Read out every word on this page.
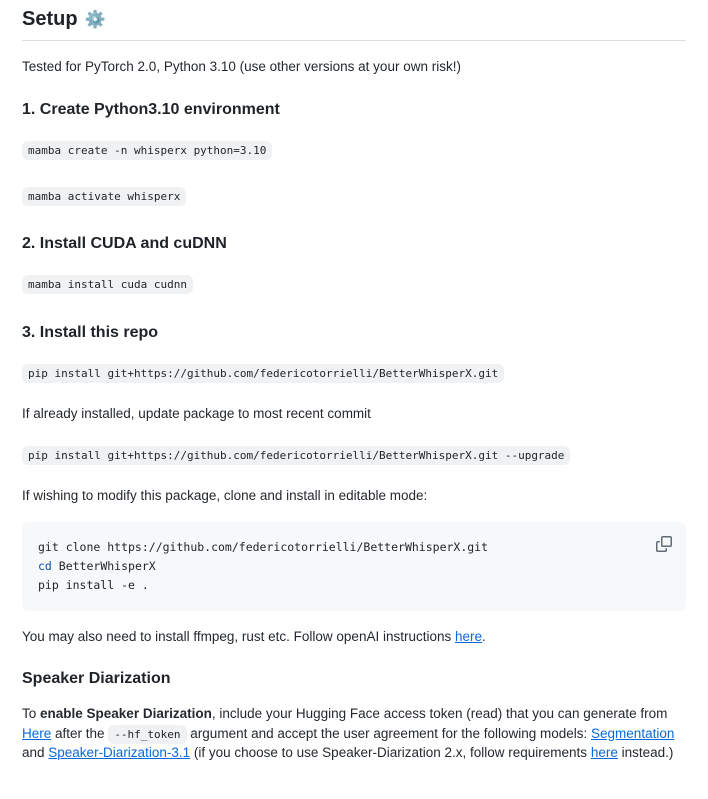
Setup ⚙️

Tested for PyTorch 2.0, Python 3.10 (use other versions at your own risk!)

1. Create Python3.10 environment

mamba create -n whisperx python=3.10

mamba activate whisperx

2. Install CUDA and cuDNN

mamba install cuda cudnn

3. Install this repo

pip install git+https://github.com/federicotorrielli/BetterWhisperX.git

If already installed, update package to most recent commit

pip install git+https://github.com/federicotorrielli/BetterWhisperX.git --upgrade

If wishing to modify this package, clone and install in editable mode:

git clone https://github.com/federicotorrielli/BetterWhisperX.git
cd BetterWhisperX
pip install -e .

You may also need to install ffmpeg, rust etc. Follow openAI instructions here.

Speaker Diarization

To enable Speaker Diarization, include your Hugging Face access token (read) that you can generate from Here after the --hf_token argument and accept the user agreement for the following models: Segmentation and Speaker-Diarization-3.1 (if you choose to use Speaker-Diarization 2.x, follow requirements here instead.)
